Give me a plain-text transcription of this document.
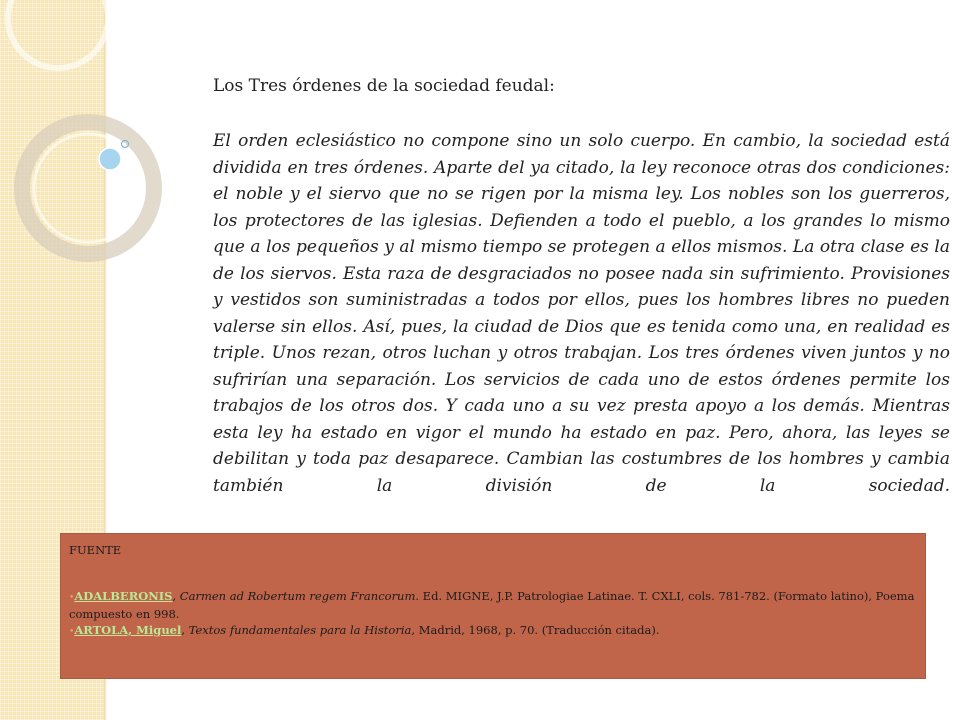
Los Tres órdenes de la sociedad feudal:
El orden eclesiástico no compone sino un solo cuerpo. En cambio, la sociedad está dividida en tres órdenes. Aparte del ya citado, la ley reconoce otras dos condiciones: el noble y el siervo que no se rigen por la misma ley. Los nobles son los guerreros, los protectores de las iglesias. Defienden a todo el pueblo, a los grandes lo mismo que a los pequeños y al mismo tiempo se protegen a ellos mismos. La otra clase es la de los siervos. Esta raza de desgraciados no posee nada sin sufrimiento. Provisiones y vestidos son suministradas a todos por ellos, pues los hombres libres no pueden valerse sin ellos. Así, pues, la ciudad de Dios que es tenida como una, en realidad es triple. Unos rezan, otros luchan y otros trabajan. Los tres órdenes viven juntos y no sufrirían una separación. Los servicios de cada uno de estos órdenes permite los trabajos de los otros dos. Y cada uno a su vez presta apoyo a los demás. Mientras esta ley ha estado en vigor el mundo ha estado en paz. Pero, ahora, las leyes se debilitan y toda paz desaparece. Cambian las costumbres de los hombres y cambia también la división de la sociedad.
FUENTE

•ADALBERONIS, Carmen ad Robertum regem Francorum. Ed. MIGNE, J.P. Patrologiae Latinae. T. CXLI, cols. 781-782. (Formato latino), Poema compuesto en 998.

•ARTOLA, Miguel, Textos fundamentales para la Historia, Madrid, 1968, p. 70. (Traducción citada).
